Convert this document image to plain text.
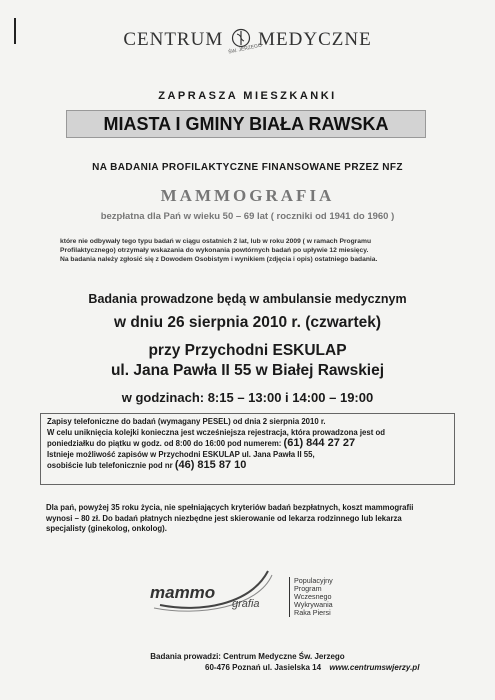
CENTRUM MEDYCZNE
ŚW. JERZEGO
ZAPRASZA MIESZKANKI
MIASTA I GMINY BIAŁA RAWSKA
NA BADANIA PROFILAKTYCZNE FINANSOWANE PRZEZ NFZ
MAMMOGRAFIA
bezpłatna dla Pań w wieku 50 – 69 lat ( roczniki od 1941 do 1960 )
które nie odbywały tego typu badań w ciągu ostatnich 2 lat, lub w roku 2009 ( w ramach Programu
Profilaktycznego) otrzymały wskazania do wykonania powtórnych badań po upływie 12 miesięcy.
Na badania należy zgłosić się z Dowodem Osobistym i wynikiem (zdjęcia i opis) ostatniego badania.
Badania prowadzone będą w ambulansie medycznym
w dniu 26 sierpnia 2010 r. (czwartek)
przy Przychodni ESKULAP
ul. Jana Pawła II 55 w Białej Rawskiej
w godzinach: 8:15 – 13:00 i 14:00 – 19:00
Zapisy telefoniczne do badań (wymagany PESEL) od dnia 2 sierpnia 2010 r.
W celu uniknięcia kolejki konieczna jest wcześniejsza rejestracja, która prowadzona jest od
poniedziałku do piątku w godz. od 8:00 do 16:00 pod numerem: (61) 844 27 27
Istnieje możliwość zapisów w Przychodni ESKULAP ul. Jana Pawła II 55,
osobiście lub telefonicznie pod nr (46) 815 87 10
Dla pań, powyżej 35 roku życia, nie spełniających kryteriów badań bezpłatnych, koszt mammografii
wynosi – 80 zł. Do badań płatnych niezbędne jest skierowanie od lekarza rodzinnego lub lekarza
specjalisty (ginekolog, onkolog).
mammo
grafia
Populacyjny
Program
Wczesnego
Wykrywania
Raka Piersi
Badania prowadzi: Centrum Medyczne Św. Jerzego
60-476 Poznań ul. Jasielska 14 www.centrumswjerzy.pl
